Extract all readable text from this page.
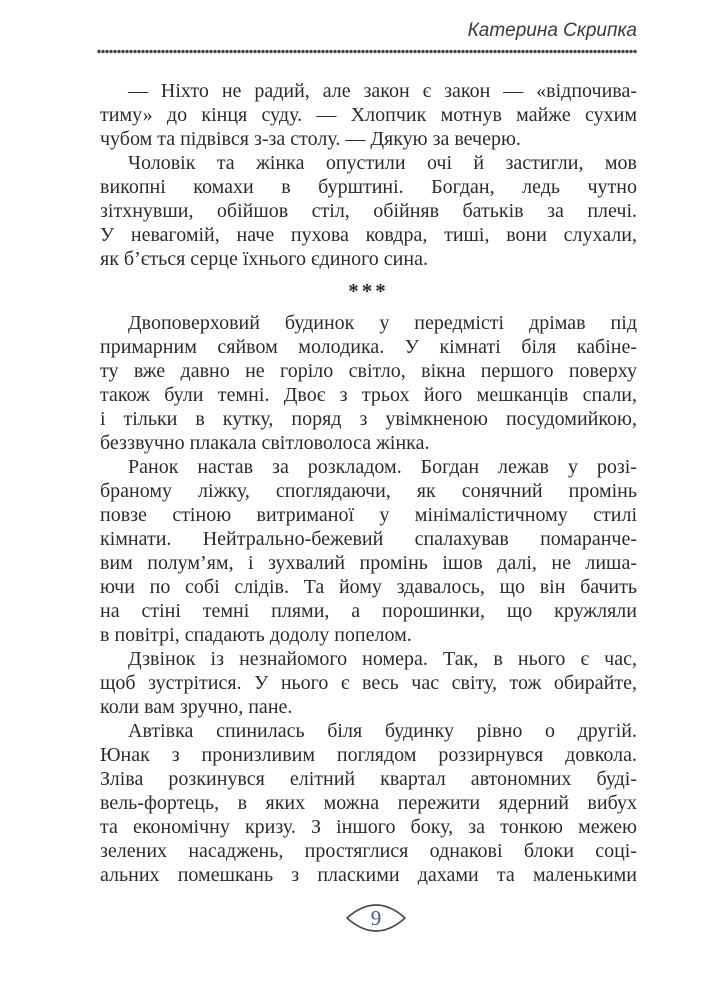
Катерина Скрипка
— Ніхто не радий, але закон є закон — «відпочива-
тиму» до кінця суду. — Хлопчик мотнув майже сухим
чубом та підвівся з-за столу. — Дякую за вечерю.
Чоловік та жінка опустили очі й застигли, мов
викопні комахи в бурштині. Богдан, ледь чутно
зітхнувши, обійшов стіл, обійняв батьків за плечі.
У невагомій, наче пухова ковдра, тиші, вони слухали,
як б’ється серце їхнього єдиного сина.
***
Двоповерховий будинок у передмісті дрімав під
примарним сяйвом молодика. У кімнаті біля кабіне-
ту вже давно не горіло світло, вікна першого поверху
також були темні. Двоє з трьох його мешканців спали,
і тільки в кутку, поряд з увімкненою посудомийкою,
беззвучно плакала світловолоса жінка.
Ранок настав за розкладом. Богдан лежав у розі-
браному ліжку, споглядаючи, як сонячний промінь
повзе стіною витриманої у мінімалістичному стилі
кімнати. Нейтрально-бежевий спалахував помаранче-
вим полум’ям, і зухвалий промінь ішов далі, не лиша-
ючи по собі слідів. Та йому здавалось, що він бачить
на стіні темні плями, а порошинки, що кружляли
в повітрі, спадають додолу попелом.
Дзвінок із незнайомого номера. Так, в нього є час,
щоб зустрітися. У нього є весь час світу, тож обирайте,
коли вам зручно, пане.
Автівка спинилась біля будинку рівно о другій.
Юнак з пронизливим поглядом роззирнувся довкола.
Зліва розкинувся елітний квартал автономних буді-
вель-фортець, в яких можна пережити ядерний вибух
та економічну кризу. З іншого боку, за тонкою межею
зелених насаджень, простяглися однакові блоки соці-
альних помешкань з пласкими дахами та маленькими
9
